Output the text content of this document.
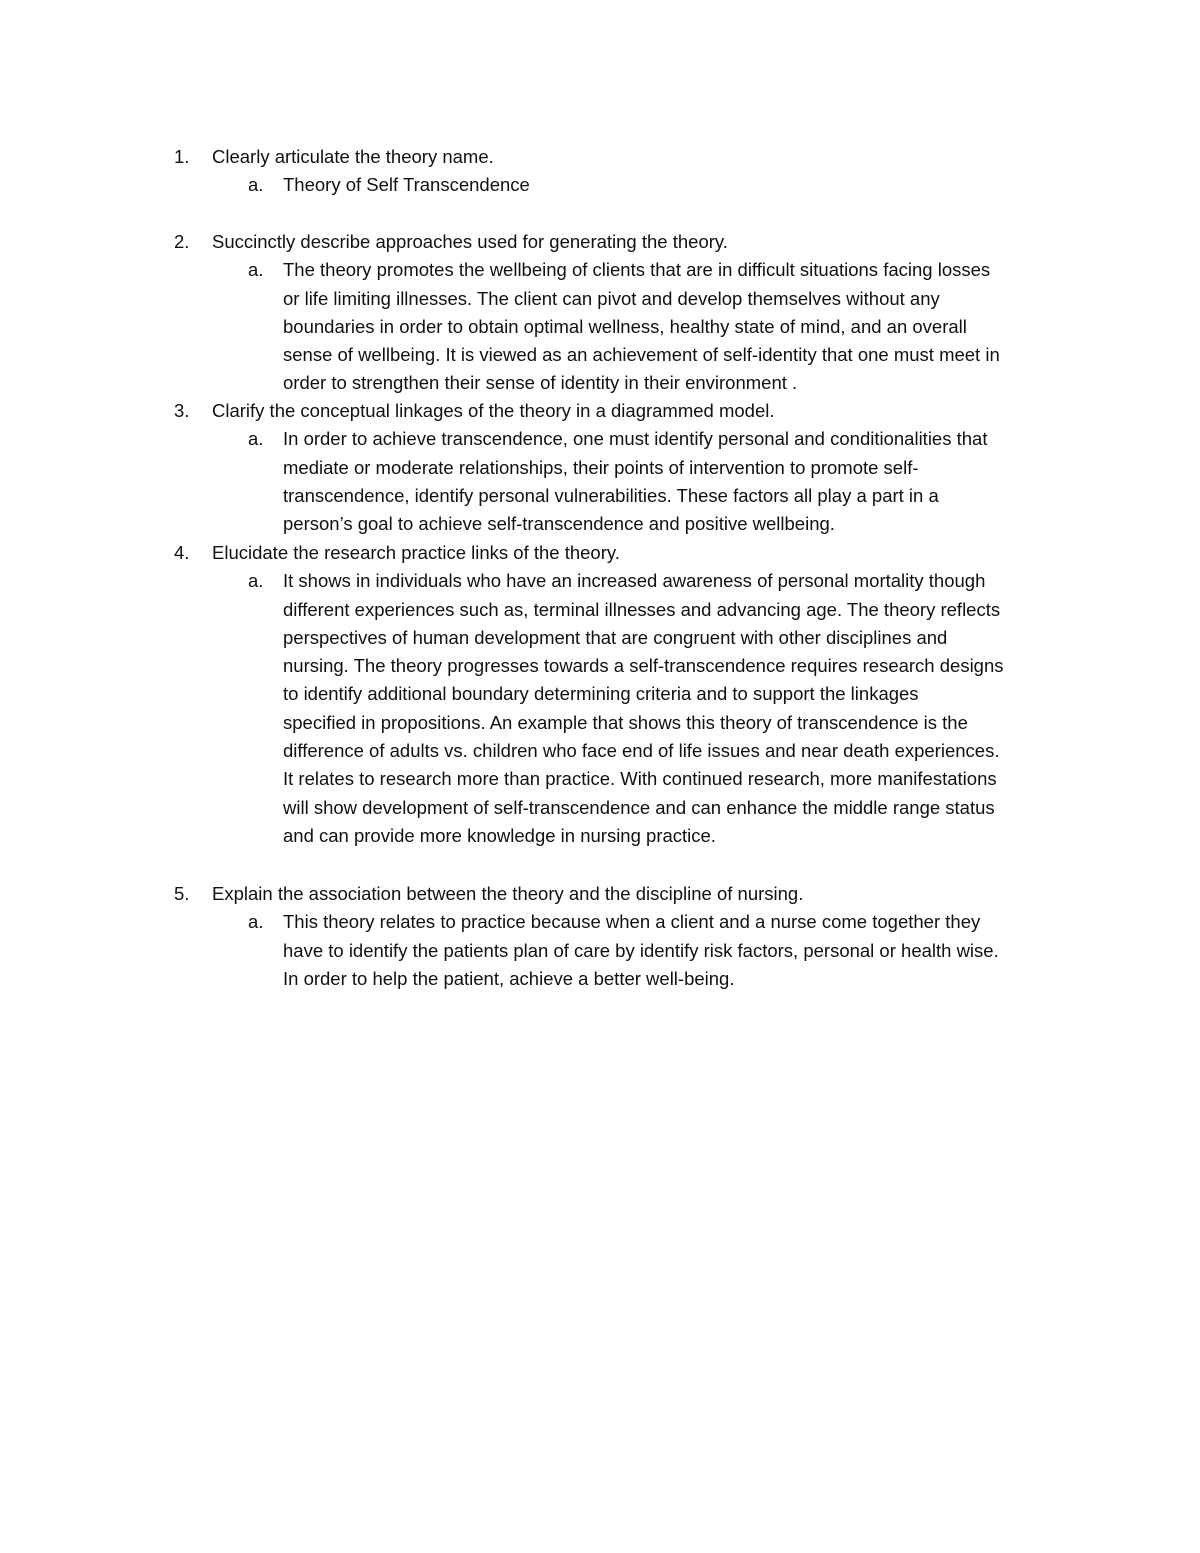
1. Clearly articulate the theory name.
a. Theory of Self Transcendence
2. Succinctly describe approaches used for generating the theory.
a. The theory promotes the wellbeing of clients that are in difficult situations facing losses
or life limiting illnesses. The client can pivot and develop themselves without any
boundaries in order to obtain optimal wellness, healthy state of mind, and an overall
sense of wellbeing. It is viewed as an achievement of self-identity that one must meet in
order to strengthen their sense of identity in their environment .
3. Clarify the conceptual linkages of the theory in a diagrammed model.
a. In order to achieve transcendence, one must identify personal and conditionalities that
mediate or moderate relationships, their points of intervention to promote self-
transcendence, identify personal vulnerabilities. These factors all play a part in a
person’s goal to achieve self-transcendence and positive wellbeing.
4. Elucidate the research practice links of the theory.
a. It shows in individuals who have an increased awareness of personal mortality though
different experiences such as, terminal illnesses and advancing age. The theory reflects
perspectives of human development that are congruent with other disciplines and
nursing. The theory progresses towards a self-transcendence requires research designs
to identify additional boundary determining criteria and to support the linkages
specified in propositions. An example that shows this theory of transcendence is the
difference of adults vs. children who face end of life issues and near death experiences.
It relates to research more than practice. With continued research, more manifestations
will show development of self-transcendence and can enhance the middle range status
and can provide more knowledge in nursing practice.
5. Explain the association between the theory and the discipline of nursing.
a. This theory relates to practice because when a client and a nurse come together they
have to identify the patients plan of care by identify risk factors, personal or health wise.
In order to help the patient, achieve a better well-being.
